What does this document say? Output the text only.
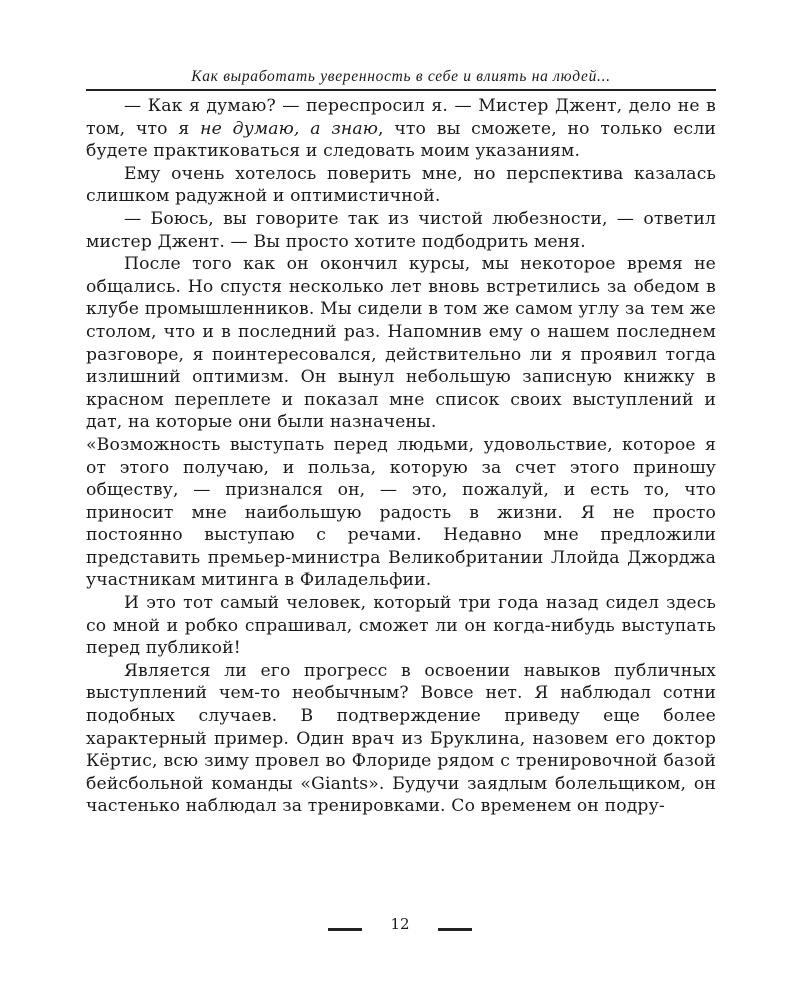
Как выработать уверенность в себе и влиять на людей...

— Как я думаю? — переспросил я. — Мистер Джент, дело не в том, что я не думаю, а знаю, что вы сможете, но только если будете практиковаться и следовать моим указаниям.

Ему очень хотелось поверить мне, но перспектива казалась слишком радужной и оптимистичной.

— Боюсь, вы говорите так из чистой любезности, — ответил мистер Джент. — Вы просто хотите подбодрить меня.

После того как он окончил курсы, мы некоторое время не общались. Но спустя несколько лет вновь встретились за обедом в клубе промышленников. Мы сидели в том же самом углу за тем же столом, что и в последний раз. Напомнив ему о нашем последнем разговоре, я поинтересовался, действительно ли я проявил тогда излишний оптимизм. Он вынул небольшую записную книжку в красном переплете и показал мне список своих выступлений и дат, на которые они были назначены.

«Возможность выступать перед людьми, удовольствие, которое я от этого получаю, и польза, которую за счет этого приношу обществу, — признался он, — это, пожалуй, и есть то, что приносит мне наибольшую радость в жизни. Я не просто постоянно выступаю с речами. Недавно мне предложили представить премьер-министра Великобритании Ллойда Джорджа участникам митинга в Филадельфии.

И это тот самый человек, который три года назад сидел здесь со мной и робко спрашивал, сможет ли он когда-нибудь выступать перед публикой!

Является ли его прогресс в освоении навыков публичных выступлений чем-то необычным? Вовсе нет. Я наблюдал сотни подобных случаев. В подтверждение приведу еще более характерный пример. Один врач из Бруклина, назовем его доктор Кёртис, всю зиму провел во Флориде рядом с тренировочной базой бейсбольной команды «Giants». Будучи заядлым болельщиком, он частенько наблюдал за тренировками. Со временем он подру-

12
